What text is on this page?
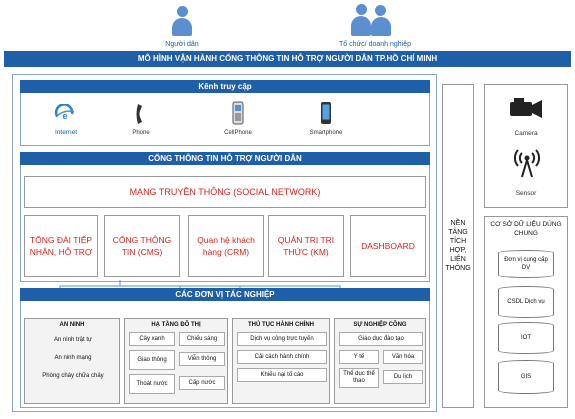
Người dân	Tổ chức/ doanh nghiệp
MÔ HÌNH VẬN HÀNH CỔNG THÔNG TIN HỖ TRỢ NGƯỜI DÂN TP.HỒ CHÍ MINH
Kênh truy cập
e
Internet	Phone	CellPhone	Smartphone
CỔNG THÔNG TIN HỖ TRỢ NGƯỜI DÂN
MẠNG TRUYỀN THÔNG (SOCIAL NETWORK)
TỔNG ĐÀI TIẾP NHẬN, HỖ TRỢ
CỔNG THÔNG TIN (CMS)
Quan hệ khách hàng (CRM)
QUẢN TRỊ TRI THỨC (KM)
DASHBOARD
CÁC ĐƠN VỊ TÁC NGHIỆP
AN NINH
An ninh trật tự
An ninh mạng
Phòng cháy chữa cháy
HẠ TẦNG ĐÔ THỊ
Cây xanh	Chiếu sáng
Giao thông	Viễn thông
Thoát nước	Cấp nước
THỦ TỤC HÀNH CHÍNH
Dịch vụ công trực tuyến
Cải cách hành chính
Khiếu nại tố cáo
SỰ NGHIỆP CÔNG
Giáo dục đào tạo
Y tế	Văn hóa
Thể dục thể thao
Du lịch
NỀN TẢNG TÍCH HỢP, LIÊN THÔNG
Camera
Sensor
CƠ SỞ DỮ LIỆU DÙNG CHUNG
Đơn vị cung cấp DV
CSDL Dịch vụ
IOT
GIS
